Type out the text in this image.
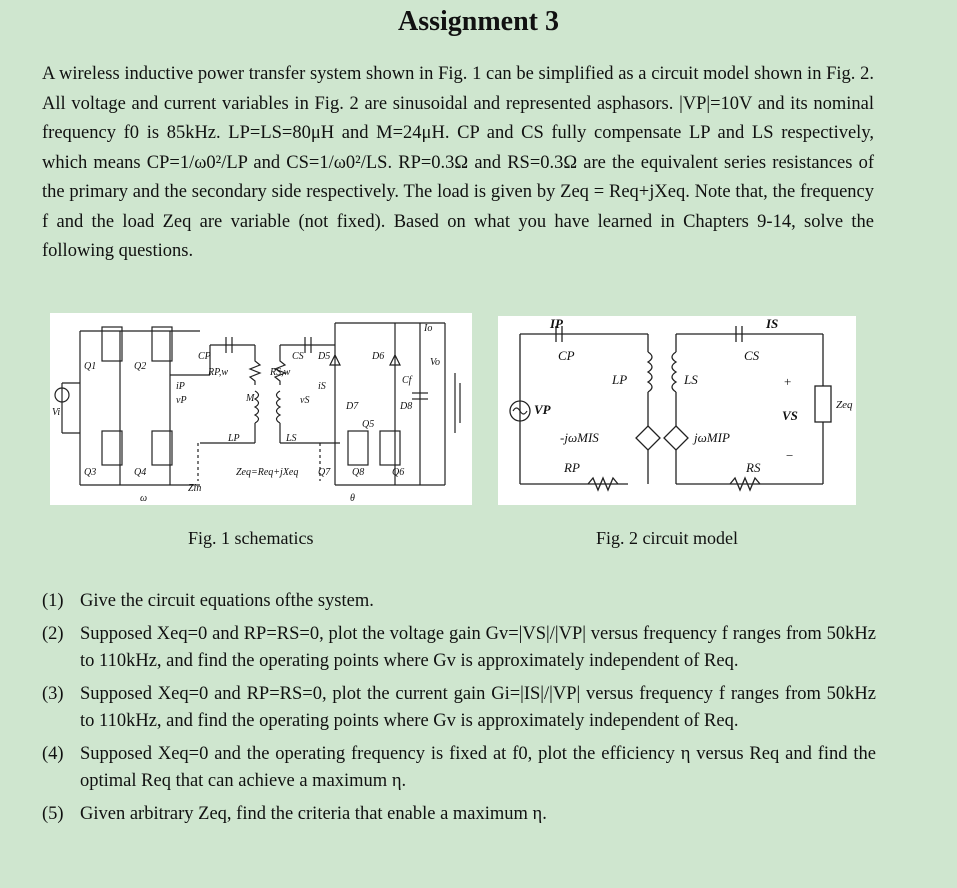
Assignment 3
A wireless inductive power transfer system shown in Fig. 1 can be simplified as a circuit model shown in Fig. 2. All voltage and current variables in Fig. 2 are sinusoidal and represented asphasors. |VP|=10V and its nominal frequency f0 is 85kHz. LP=LS=80μH and M=24μH. CP and CS fully compensate LP and LS respectively, which means CP=1/ω0²/LP and CS=1/ω0²/LS. RP=0.3Ω and RS=0.3Ω are the equivalent series resistances of the primary and the secondary side respectively. The load is given by Zeq = Req+jXeq. Note that, the frequency f and the load Zeq are variable (not fixed). Based on what you have learned in Chapters 9-14, solve the following questions.
Q1	Q2
Q3	Q4
Q5
Q6
Q7 Q8
D5	D6
D7	D8
CP	CS
Cf
RP,w	RS,w
M
LP	LS
Vi
Vo
Io
iP
vP
iS
vS
Zin
Zeq=Req+jXeq
ω	θ
IP	IS
CP	CS
LP	LS
VP	VS
Zeq
-jωMIS	jωMIP
RP	RS
+
−
Fig. 1 schematics	Fig. 2 circuit model
(1) Give the circuit equations ofthe system.
(2) Supposed Xeq=0 and RP=RS=0, plot the voltage gain Gv=|VS|/|VP| versus frequency f ranges from 50kHz to 110kHz, and find the operating points where Gv is approximately independent of Req.
(3) Supposed Xeq=0 and RP=RS=0, plot the current gain Gi=|IS|/|VP| versus frequency f ranges from 50kHz to 110kHz, and find the operating points where Gv is approximately independent of Req.
(4) Supposed Xeq=0 and the operating frequency is fixed at f0, plot the efficiency η versus Req and find the optimal Req that can achieve a maximum η.
(5) Given arbitrary Zeq, find the criteria that enable a maximum η.
